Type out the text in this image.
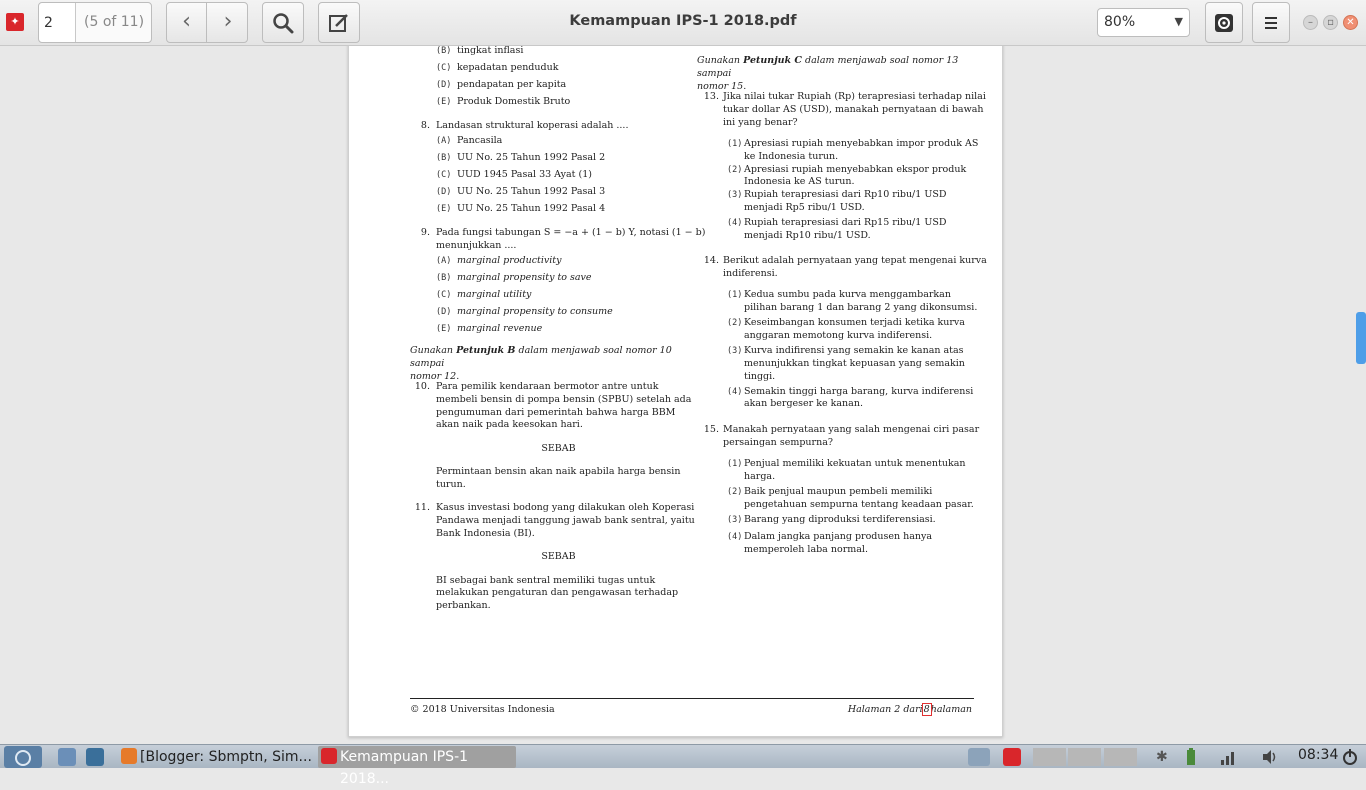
✦
2	(5 of 11)	‹	›	Kemampuan IPS-1 2018.pdf	80%	▼	–	▫	✕
(B) tingkat inflasi
(C) kepadatan penduduk
(D) pendapatan per kapita
(E) Produk Domestik Bruto
8. Landasan struktural koperasi adalah ....
(A) Pancasila
(B) UU No. 25 Tahun 1992 Pasal 2
(C) UUD 1945 Pasal 33 Ayat (1)
(D) UU No. 25 Tahun 1992 Pasal 3
(E) UU No. 25 Tahun 1992 Pasal 4
9. Pada fungsi tabungan S = −a + (1 − b) Y, notasi (1 − b)
menunjukkan ....
(A) marginal productivity
(B) marginal propensity to save
(C) marginal utility
(D) marginal propensity to consume
(E) marginal revenue
Gunakan Petunjuk B dalam menjawab soal nomor 10 sampai
nomor 12.
10. Para pemilik kendaraan bermotor antre untuk
membeli bensin di pompa bensin (SPBU) setelah ada
pengumuman dari pemerintah bahwa harga BBM
akan naik pada keesokan hari.
SEBAB
Permintaan bensin akan naik apabila harga bensin
turun.
11. Kasus investasi bodong yang dilakukan oleh Koperasi
Pandawa menjadi tanggung jawab bank sentral, yaitu
Bank Indonesia (BI).
SEBAB
BI sebagai bank sentral memiliki tugas untuk
melakukan pengaturan dan pengawasan terhadap
perbankan.
Gunakan Petunjuk C dalam menjawab soal nomor 13 sampai
nomor 15.
13. Jika nilai tukar Rupiah (Rp) terapresiasi terhadap nilai
tukar dollar AS (USD), manakah pernyataan di bawah
ini yang benar?
(1) Apresiasi rupiah menyebabkan impor produk AS
ke Indonesia turun.
(2) Apresiasi rupiah menyebabkan ekspor produk
Indonesia ke AS turun.
(3) Rupiah terapresiasi dari Rp10 ribu/1 USD
menjadi Rp5 ribu/1 USD.
(4) Rupiah terapresiasi dari Rp15 ribu/1 USD
menjadi Rp10 ribu/1 USD.
14. Berikut adalah pernyataan yang tepat mengenai kurva
indiferensi.
(1) Kedua sumbu pada kurva menggambarkan
pilihan barang 1 dan barang 2 yang dikonsumsi.
(2) Keseimbangan konsumen terjadi ketika kurva
anggaran memotong kurva indiferensi.
(3) Kurva indifirensi yang semakin ke kanan atas
menunjukkan tingkat kepuasan yang semakin
tinggi.
(4) Semakin tinggi harga barang, kurva indiferensi
akan bergeser ke kanan.
15. Manakah pernyataan yang salah mengenai ciri pasar
persaingan sempurna?
(1) Penjual memiliki kekuatan untuk menentukan
harga.
(2) Baik penjual maupun pembeli memiliki
pengetahuan sempurna tentang keadaan pasar.
(3) Barang yang diproduksi terdiferensiasi.
(4) Dalam jangka panjang produsen hanya
memperoleh laba normal.
© 2018 Universitas Indonesia	Halaman 2 dari8halaman
[Blogger: Sbmptn, Sim...	Kemampuan IPS-1 2018...
✱	08:34
